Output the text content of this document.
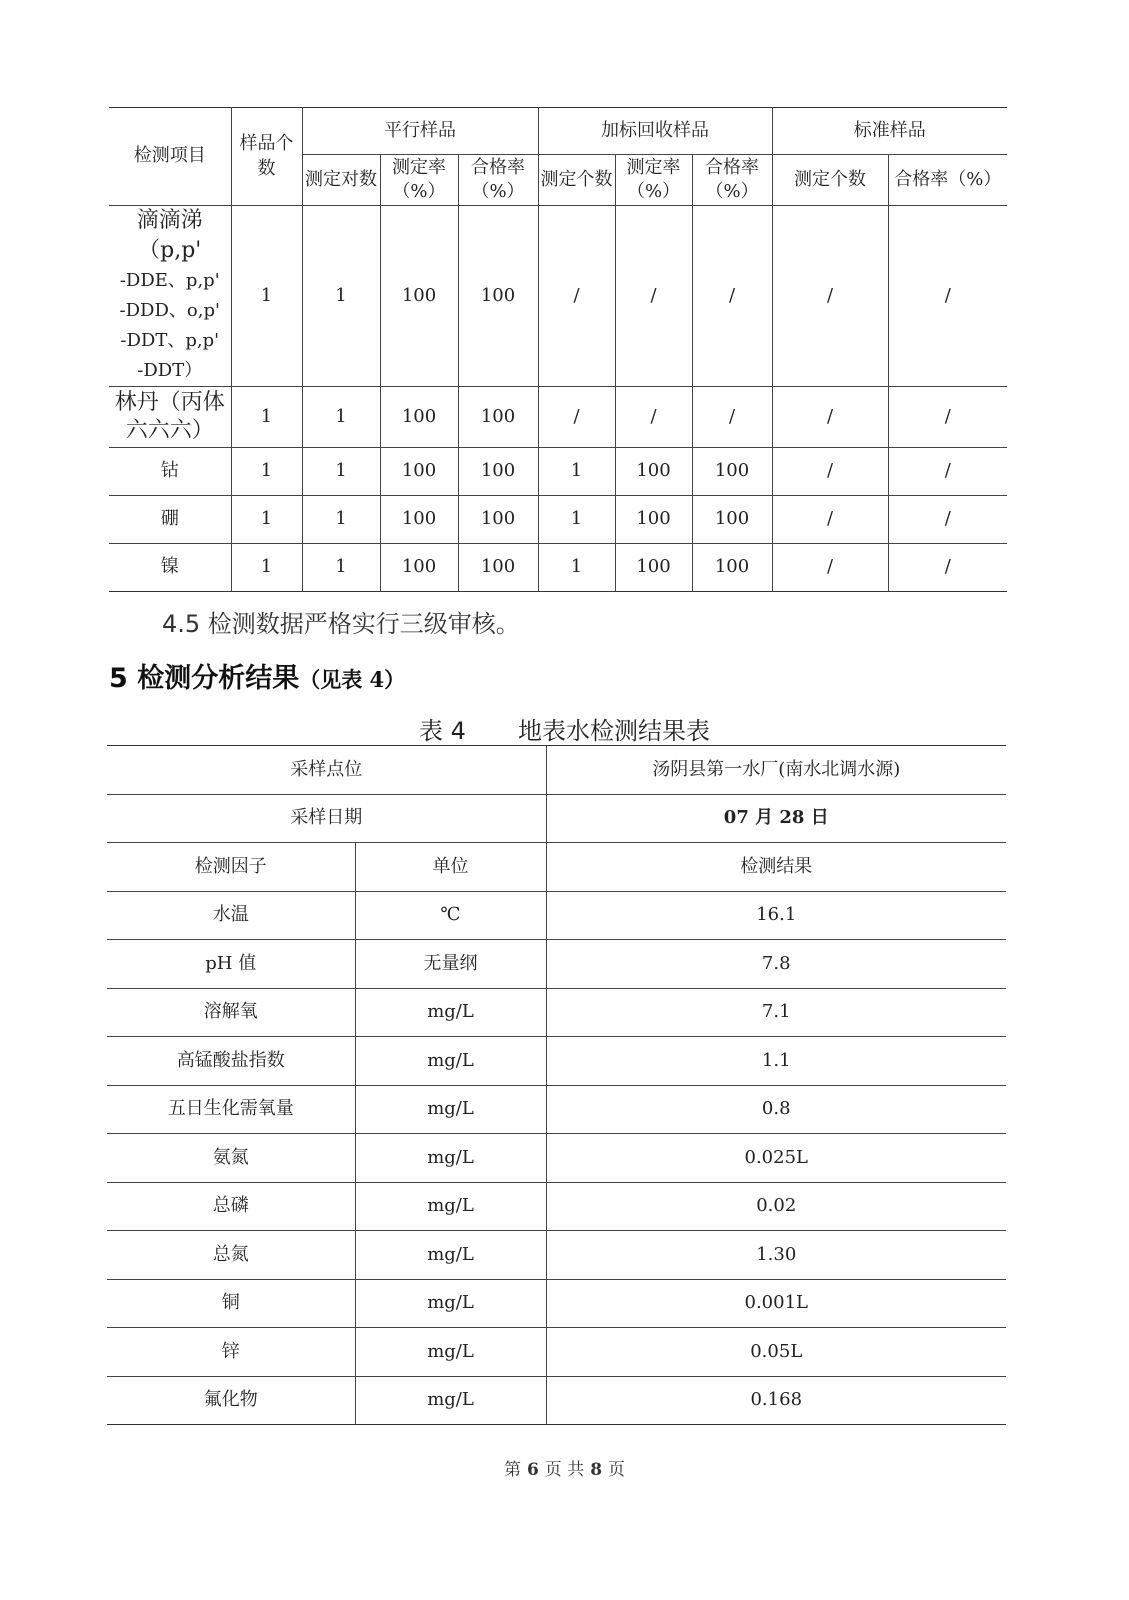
检测项目	样品个数	平行样品			加标回收样品			标准样品	
		测定对数	测定率（%）	合格率（%）	测定个数	测定率（%）	合格率（%）	测定个数	合格率（%）

滴滴涕（p,p'
-DDE、p,p'
-DDD、o,p'
-DDT、p,p'
-DDT）	1	1	100	100	/	/	/	/	/

林丹（丙体
六六六）	1	1	100	100	/	/	/	/	/
钴	1	1	100	100	1	100	100	/	/
硼	1	1	100	100	1	100	100	/	/
镍	1	1	100	100	1	100	100	/	/
4.5 检测数据严格实行三级审核。
5 检测分析结果（见表 4）
表 4 地表水检测结果表
采样点位		汤阴县第一水厂(南水北调水源)
采样日期		07 月 28 日
检测因子	单位	检测结果
水温	℃	16.1
pH 值	无量纲	7.8
溶解氧	mg/L	7.1
高锰酸盐指数	mg/L	1.1
五日生化需氧量	mg/L	0.8
氨氮	mg/L	0.025L
总磷	mg/L	0.02
总氮	mg/L	1.30
铜	mg/L	0.001L
锌	mg/L	0.05L
氟化物	mg/L	0.168
第 6 页 共 8 页
